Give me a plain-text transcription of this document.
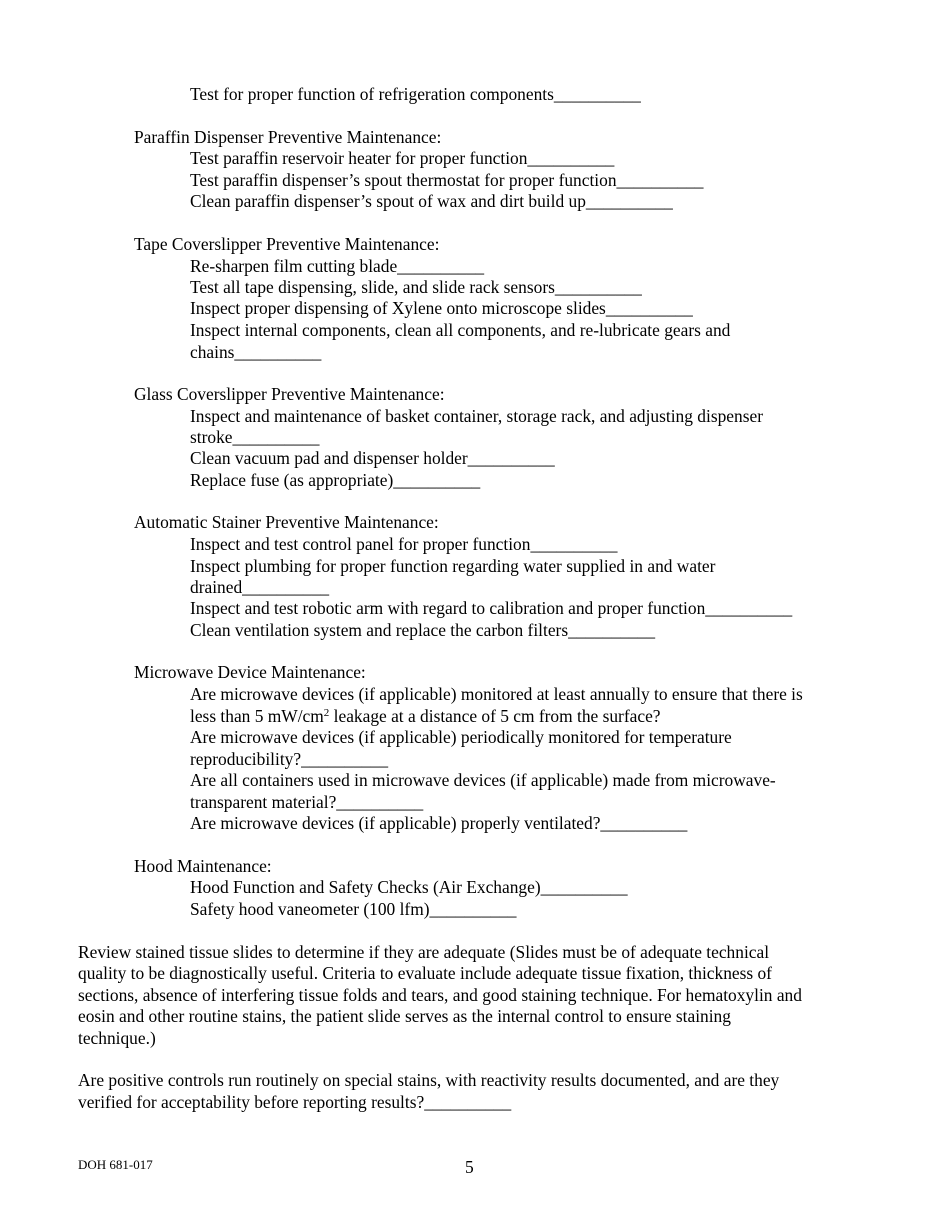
Test for proper function of refrigeration components__________
Paraffin Dispenser Preventive Maintenance:
Test paraffin reservoir heater for proper function__________
Test paraffin dispenser’s spout thermostat for proper function__________
Clean paraffin dispenser’s spout of wax and dirt build up__________
Tape Coverslipper Preventive Maintenance:
Re-sharpen film cutting blade__________
Test all tape dispensing, slide, and slide rack sensors__________
Inspect proper dispensing of Xylene onto microscope slides__________
Inspect internal components, clean all components, and re-lubricate gears and
chains__________
Glass Coverslipper Preventive Maintenance:
Inspect and maintenance of basket container, storage rack, and adjusting dispenser
stroke__________
Clean vacuum pad and dispenser holder__________
Replace fuse (as appropriate)__________
Automatic Stainer Preventive Maintenance:
Inspect and test control panel for proper function__________
Inspect plumbing for proper function regarding water supplied in and water
drained__________
Inspect and test robotic arm with regard to calibration and proper function__________
Clean ventilation system and replace the carbon filters__________
Microwave Device Maintenance:
Are microwave devices (if applicable) monitored at least annually to ensure that there is
less than 5 $mW/cm^2$ leakage at a distance of 5 cm from the surface?
Are microwave devices (if applicable) periodically monitored for temperature
reproducibility?__________
Are all containers used in microwave devices (if applicable) made from microwave-
transparent material?__________
Are microwave devices (if applicable) properly ventilated?__________
Hood Maintenance:
Hood Function and Safety Checks (Air Exchange)__________
Safety hood vaneometer (100 lfm)__________
Review stained tissue slides to determine if they are adequate (Slides must be of adequate technical
quality to be diagnostically useful. Criteria to evaluate include adequate tissue fixation, thickness of
sections, absence of interfering tissue folds and tears, and good staining technique. For hematoxylin and
eosin and other routine stains, the patient slide serves as the internal control to ensure staining
technique.)
Are positive controls run routinely on special stains, with reactivity results documented, and are they
verified for acceptability before reporting results?__________
DOH 681-017	5
